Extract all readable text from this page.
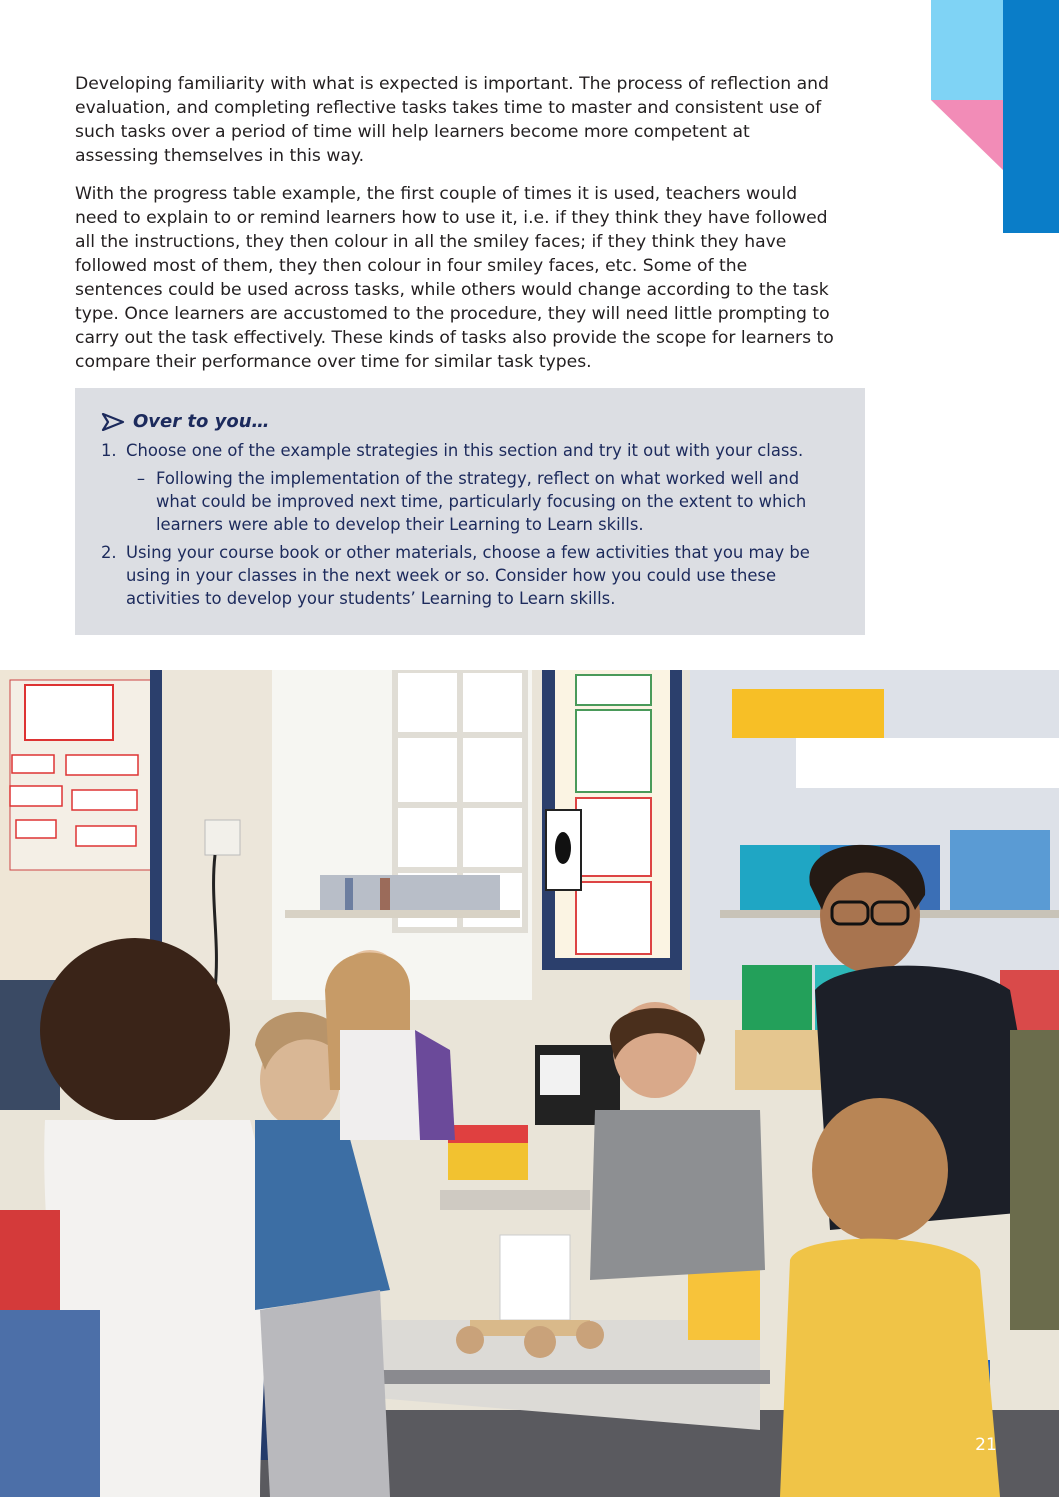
Developing familiarity with what is expected is important. The process of reflection and evaluation, and completing reflective tasks takes time to master and consistent use of such tasks over a period of time will help learners become more competent at assessing themselves in this way.

With the progress table example, the first couple of times it is used, teachers would need to explain to or remind learners how to use it, i.e. if they think they have followed all the instructions, they then colour in all the smiley faces; if they think they have followed most of them, they then colour in four smiley faces, etc. Some of the sentences could be used across tasks, while others would change according to the task type. Once learners are accustomed to the procedure, they will need little prompting to carry out the task effectively. These kinds of tasks also provide the scope for learners to compare their performance over time for similar task types.

Over to you…
1. Choose one of the example strategies in this section and try it out with your class.
– Following the implementation of the strategy, reflect on what worked well and what could be improved next time, particularly focusing on the extent to which learners were able to develop their Learning to Learn skills.
2. Using your course book or other materials, choose a few activities that you may be using in your classes in the next week or so. Consider how you could use these activities to develop your students’ Learning to Learn skills.
21
